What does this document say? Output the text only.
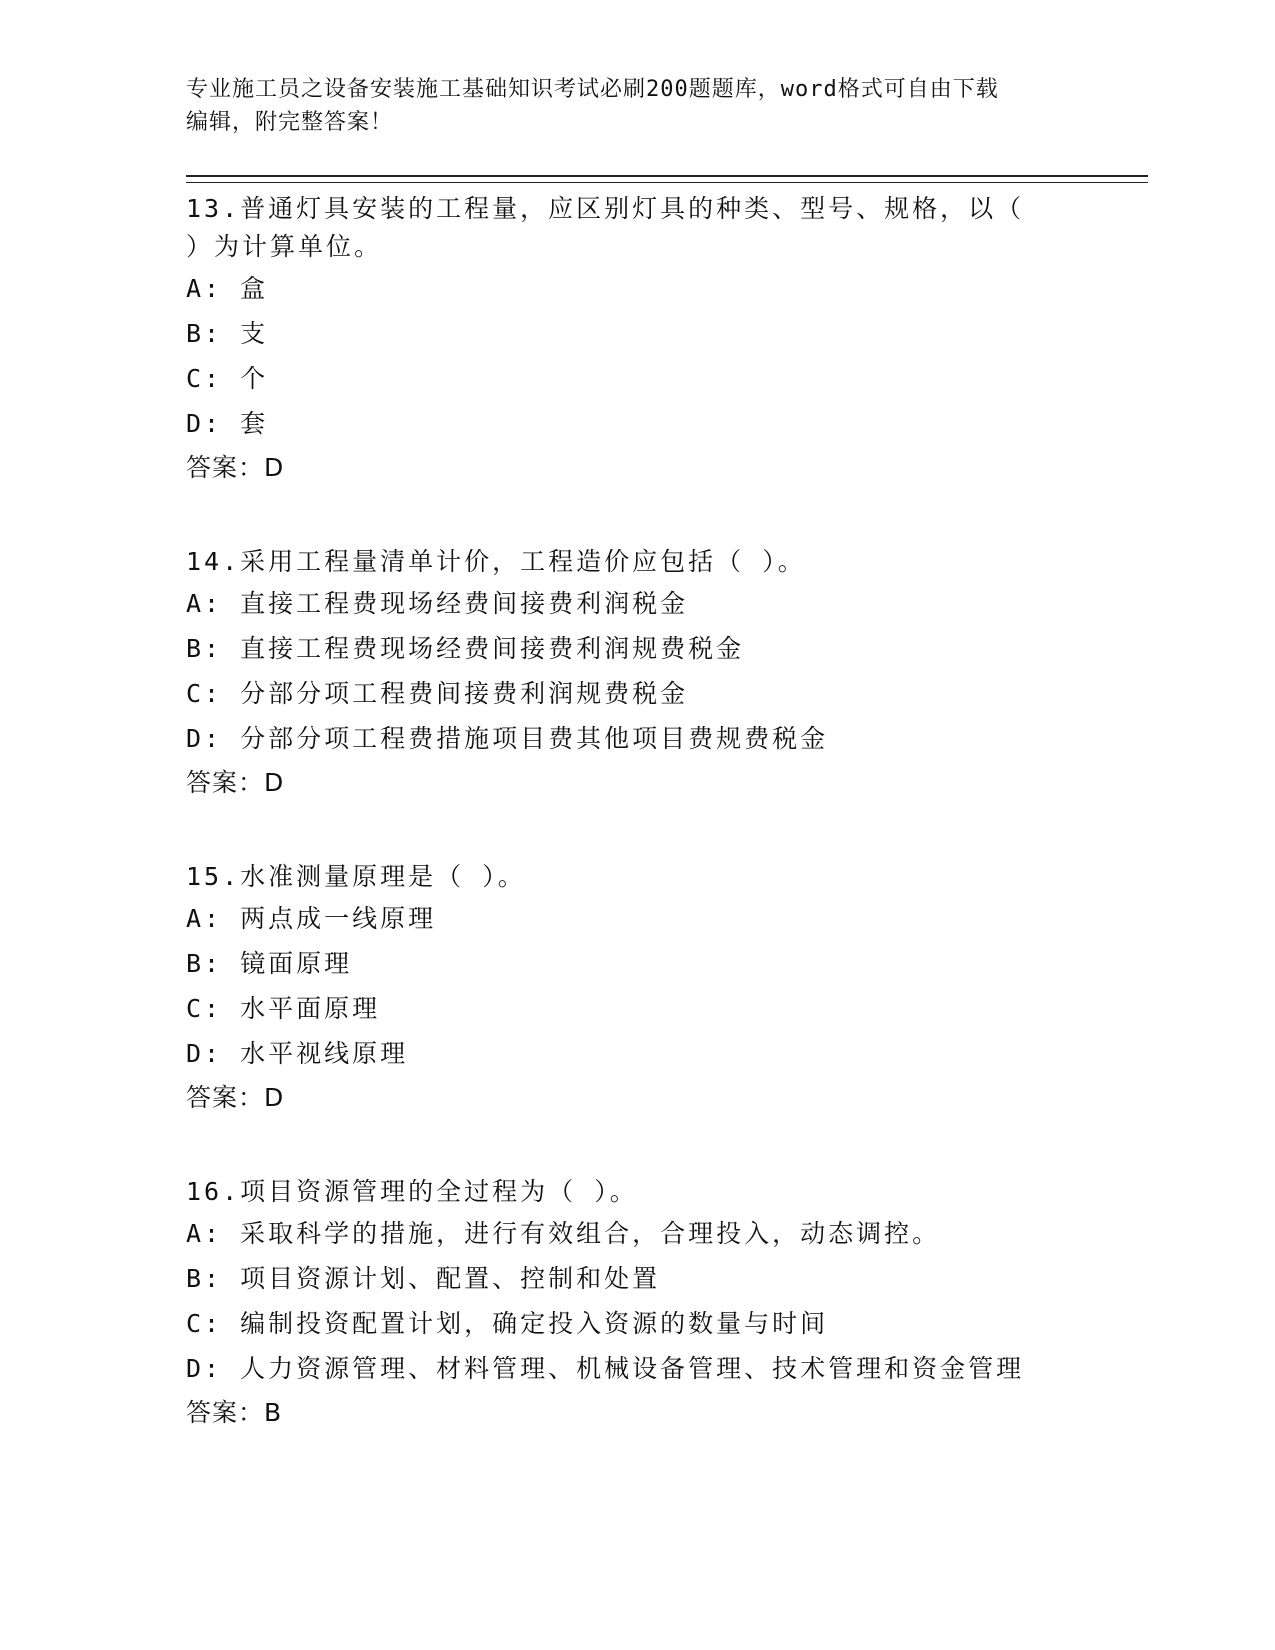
专业施工员之设备安装施工基础知识考试必刷200题题库，word格式可自由下载
编辑，附完整答案！
13.普通灯具安装的工程量，应区别灯具的种类、型号、规格，以（
）为计算单位。
A: 盒
B: 支
C: 个
D: 套
答案：D
14.采用工程量清单计价，工程造价应包括（ ）。
A: 直接工程费现场经费间接费利润税金
B: 直接工程费现场经费间接费利润规费税金
C: 分部分项工程费间接费利润规费税金
D: 分部分项工程费措施项目费其他项目费规费税金
答案：D
15.水准测量原理是（ ）。
A: 两点成一线原理
B: 镜面原理
C: 水平面原理
D: 水平视线原理
答案：D
16.项目资源管理的全过程为（ ）。
A: 采取科学的措施，进行有效组合，合理投入，动态调控。
B: 项目资源计划、配置、控制和处置
C: 编制投资配置计划，确定投入资源的数量与时间
D: 人力资源管理、材料管理、机械设备管理、技术管理和资金管理
答案：B
